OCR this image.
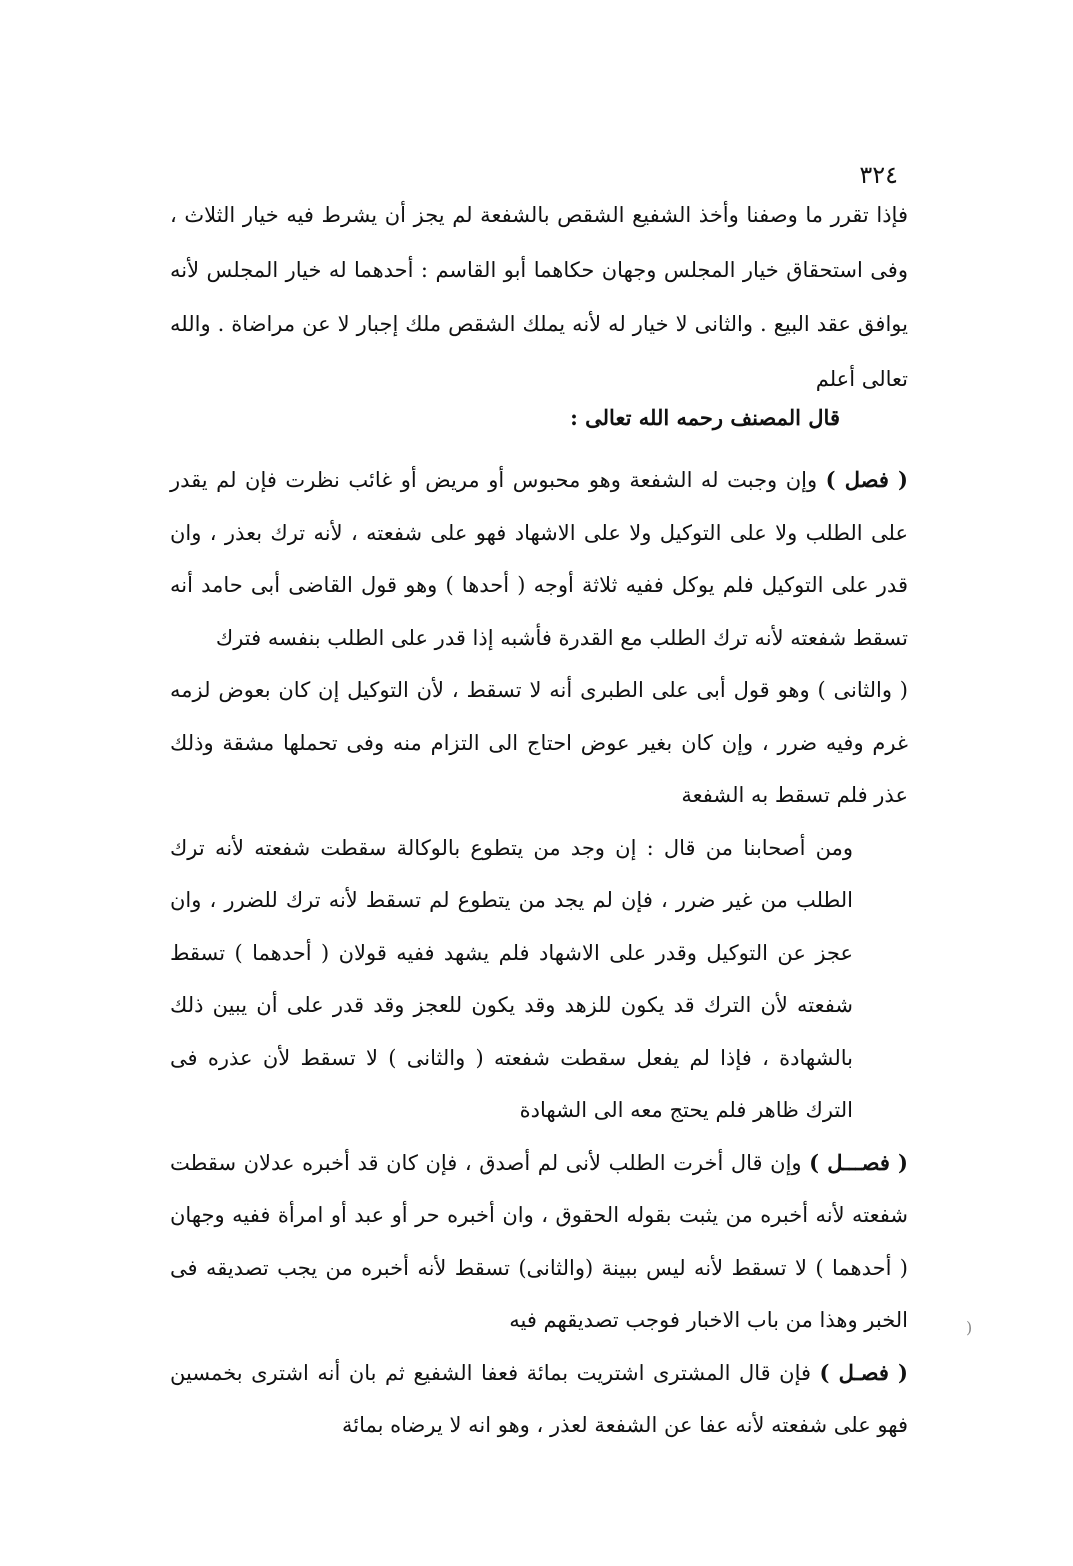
٣٢٤
فإذا تقرر ما وصفنا وأخذ الشفيع الشقص بالشفعة لم يجز أن يشرط فيه خيار الثلاث ، وفى استحقاق خيار المجلس وجهان حكاهما أبو القاسم : أحدهما له خيار المجلس لأنه يوافق عقد البيع . والثانى لا خيار له لأنه يملك الشقص ملك إجبار لا عن مراضاة . والله تعالى أعلم
قال المصنف رحمه الله تعالى :

( فصل ) وإن وجبت له الشفعة وهو محبوس أو مريض أو غائب نظرت فإن لم يقدر على الطلب ولا على التوكيل ولا على الاشهاد فهو على شفعته ، لأنه ترك بعذر ، وان قدر على التوكيل فلم يوكل ففيه ثلاثة أوجه ( أحدها ) وهو قول القاضى أبى حامد أنه تسقط شفعته لأنه ترك الطلب مع القدرة فأشبه إذا قدر على الطلب بنفسه فترك

( والثانى ) وهو قول أبى على الطبرى أنه لا تسقط ، لأن التوكيل إن كان بعوض لزمه غرم وفيه ضرر ، وإن كان بغير عوض احتاج الى التزام منه وفى تحملها مشقة وذلك عذر فلم تسقط به الشفعة

ومن أصحابنا من قال : إن وجد من يتطوع بالوكالة سقطت شفعته لأنه ترك الطلب من غير ضرر ، فإن لم يجد من يتطوع لم تسقط لأنه ترك للضرر ، وان عجز عن التوكيل وقدر على الاشهاد فلم يشهد ففيه قولان ( أحدهما ) تسقط شفعته لأن الترك قد يكون للزهد وقد يكون للعجز وقد قدر على أن يبين ذلك بالشهادة ، فإذا لم يفعل سقطت شفعته ( والثانى ) لا تسقط لأن عذره فى الترك ظاهر فلم يحتج معه الى الشهادة

( فصـــل ) وإن قال أخرت الطلب لأنى لم أصدق ، فإن كان قد أخبره عدلان سقطت شفعته لأنه أخبره من يثبت بقوله الحقوق ، وان أخبره حر أو عبد أو امرأة ففيه وجهان ( أحدهما ) لا تسقط لأنه ليس ببينة (والثانى) تسقط لأنه أخبره من يجب تصديقه فى الخبر وهذا من باب الاخبار فوجب تصديقهم فيه

( فصـل ) فإن قال المشترى اشتريت بمائة فعفا الشفيع ثم بان أنه اشترى بخمسين فهو على شفعته لأنه عفا عن الشفعة لعذر ، وهو انه لا يرضاه بمائة

)
